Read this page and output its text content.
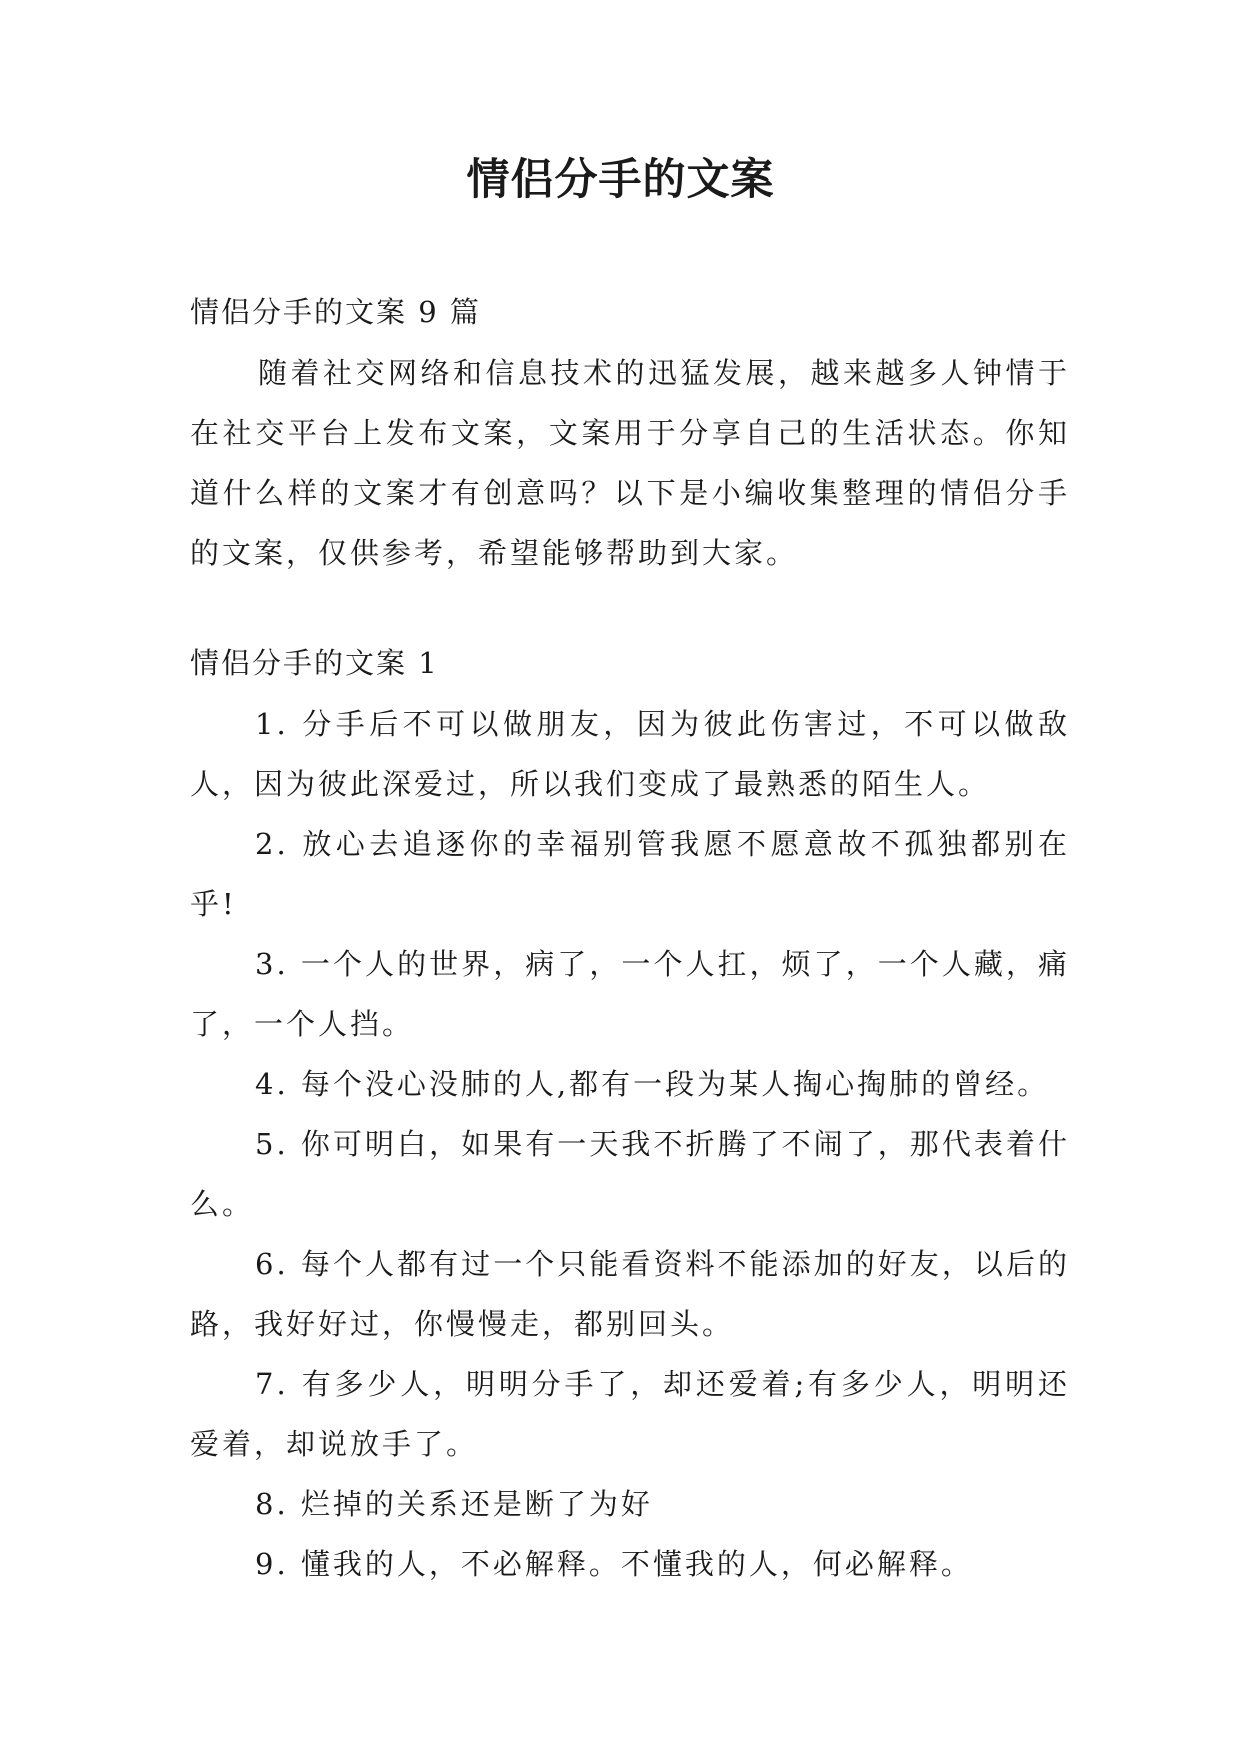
情侣分手的文案

情侣分手的文案 9 篇

随着社交网络和信息技术的迅猛发展，越来越多人钟情于在社交平台上发布文案，文案用于分享自己的生活状态。你知道什么样的文案才有创意吗？以下是小编收集整理的情侣分手的文案，仅供参考，希望能够帮助到大家。

情侣分手的文案 1

1. 分手后不可以做朋友，因为彼此伤害过，不可以做敌人，因为彼此深爱过，所以我们变成了最熟悉的陌生人。

2. 放心去追逐你的幸福别管我愿不愿意故不孤独都别在乎!

3. 一个人的世界，病了，一个人扛，烦了，一个人藏，痛了，一个人挡。

4. 每个没心没肺的人,都有一段为某人掏心掏肺的曾经。

5. 你可明白，如果有一天我不折腾了不闹了，那代表着什么。

6. 每个人都有过一个只能看资料不能添加的好友，以后的路，我好好过，你慢慢走，都别回头。

7. 有多少人，明明分手了，却还爱着;有多少人，明明还爱着，却说放手了。

8. 烂掉的关系还是断了为好

9. 懂我的人，不必解释。不懂我的人，何必解释。
